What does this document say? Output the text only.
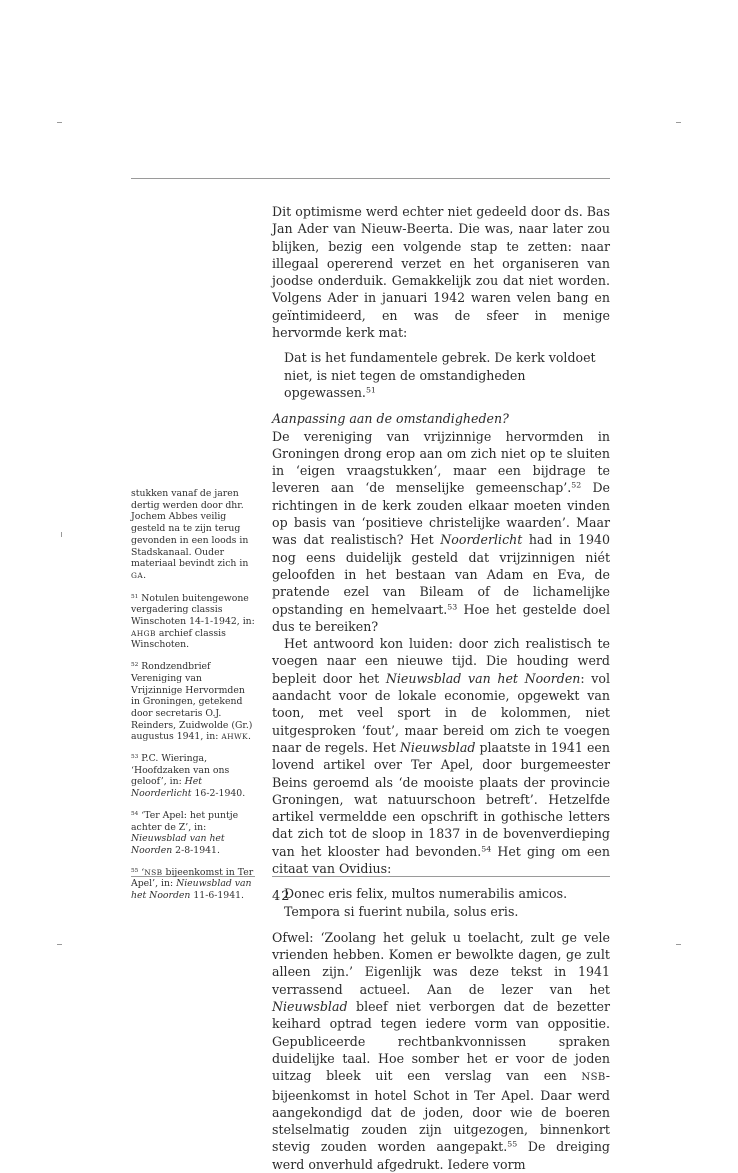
Dit optimisme werd echter niet gedeeld door ds. Bas Jan Ader van Nieuw-Beerta. Die was, naar later zou blijken, bezig een volgende stap te zetten: naar illegaal opererend verzet en het organiseren van joodse onderduik. Gemakkelijk zou dat niet worden. Volgens Ader in januari 1942 waren velen bang en geïntimideerd, en was de sfeer in menige hervormde kerk mat:

Dat is het fundamentele gebrek. De kerk voldoet niet, is niet tegen de omstandigheden opgewassen.$^{51}$
Aanpassing aan de omstandigheden?

De vereniging van vrijzinnige hervormden in Groningen drong erop aan om zich niet op te sluiten in ‘eigen vraagstukken’, maar een bijdrage te leveren aan ‘de menselijke gemeenschap’.$^{52}$ De richtingen in de kerk zouden elkaar moeten vinden op basis van ‘positieve christelijke waarden’. Maar was dat realistisch? Het Noorderlicht had in 1940 nog eens duidelijk gesteld dat vrijzinnigen niét geloofden in het bestaan van Adam en Eva, de pratende ezel van Bileam of de lichamelijke opstanding en hemelvaart.$^{53}$ Hoe het gestelde doel dus te bereiken?

Het antwoord kon luiden: door zich realistisch te voegen naar een nieuwe tijd. Die houding werd bepleit door het Nieuwsblad van het Noorden: vol aandacht voor de lokale economie, opgewekt van toon, met veel sport in de kolommen, niet uitgesproken ‘fout’, maar bereid om zich te voegen naar de regels. Het Nieuwsblad plaatste in 1941 een lovend artikel over Ter Apel, door burgemeester Beins geroemd als ‘de mooiste plaats der provincie Groningen, wat natuurschoon betreft’. Hetzelfde artikel vermeldde een opschrift in gothische letters dat zich tot de sloop in 1837 in de bovenverdieping van het klooster had bevonden.$^{54}$ Het ging om een citaat van Ovidius:

Donec eris felix, multos numerabilis amicos.
Tempora si fuerint nubila, solus eris.

Ofwel: ‘Zoolang het geluk u toelacht, zult ge vele vrienden hebben. Komen er bewolkte dagen, ge zult alleen zijn.’ Eigenlijk was deze tekst in 1941 verrassend actueel. Aan de lezer van het Nieuwsblad bleef niet verborgen dat de bezetter keihard optrad tegen iedere vorm van oppositie. Gepubliceerde rechtbankvonnissen spraken duidelijke taal. Hoe somber het er voor de joden uitzag bleek uit een verslag van een NSB-bijeenkomst in hotel Schot in Ter Apel. Daar werd aangekondigd dat de joden, door wie de boeren stelselmatig zouden zijn uitgezogen, binnenkort stevig zouden worden aangepakt.$^{55}$ De dreiging werd onverhuld afgedrukt. Iedere vorm

stukken vanaf de jaren dertig werden door dhr. Jochem Abbes veilig gesteld na te zijn terug gevonden in een loods in Stadskanaal. Ouder materiaal bevindt zich in GA.
$^{51}$ Notulen buitengewone vergadering classis Winschoten 14-1-1942, in: AHGB archief classis Winschoten.
$^{52}$ Rondzendbrief Vereniging van Vrijzinnige Hervormden in Groningen, getekend door secretaris O.J. Reinders, Zuidwolde (Gr.) augustus 1941, in: AHWK.
$^{53}$ P.C. Wieringa, ‘Hoofdzaken van ons geloof’, in: Het Noorderlicht 16-2-1940.
$^{54}$ ‘Ter Apel: het puntje achter de Z’, in: Nieuwsblad van het Noorden 2-8-1941.
$^{55}$ ‘NSB bijeenkomst in Ter Apel’, in: Nieuwsblad van het Noorden 11-6-1941.	42
